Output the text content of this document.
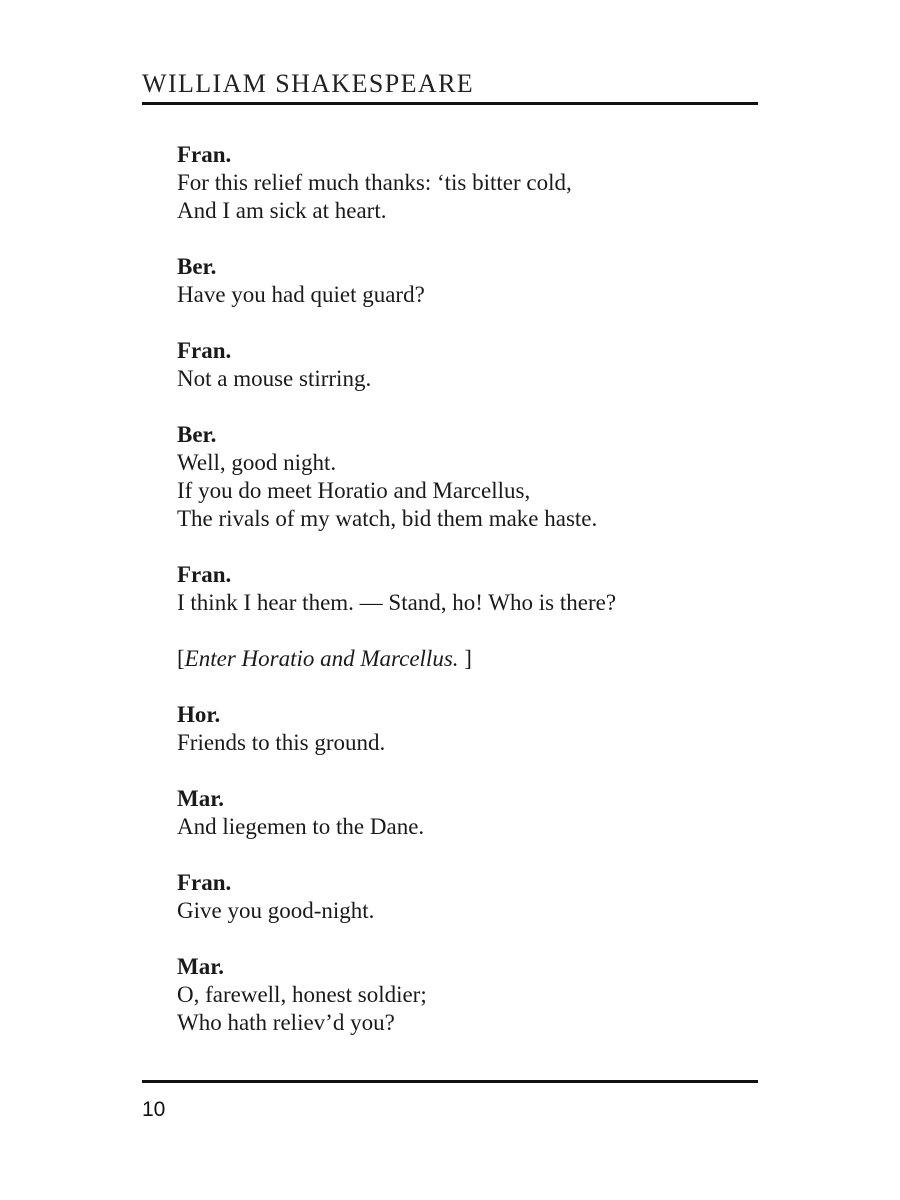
WILLIAM SHAKESPEARE
Fran.
For this relief much thanks: ‘tis bitter cold,
And I am sick at heart.
Ber.
Have you had quiet guard?
Fran.
Not a mouse stirring.
Ber.
Well, good night.
If you do meet Horatio and Marcellus,
The rivals of my watch, bid them make haste.
Fran.
I think I hear them. — Stand, ho! Who is there?
[Enter Horatio and Marcellus. ]
Hor.
Friends to this ground.
Mar.
And liegemen to the Dane.
Fran.
Give you good-night.
Mar.
O, farewell, honest soldier;
Who hath reliev’d you?
10
